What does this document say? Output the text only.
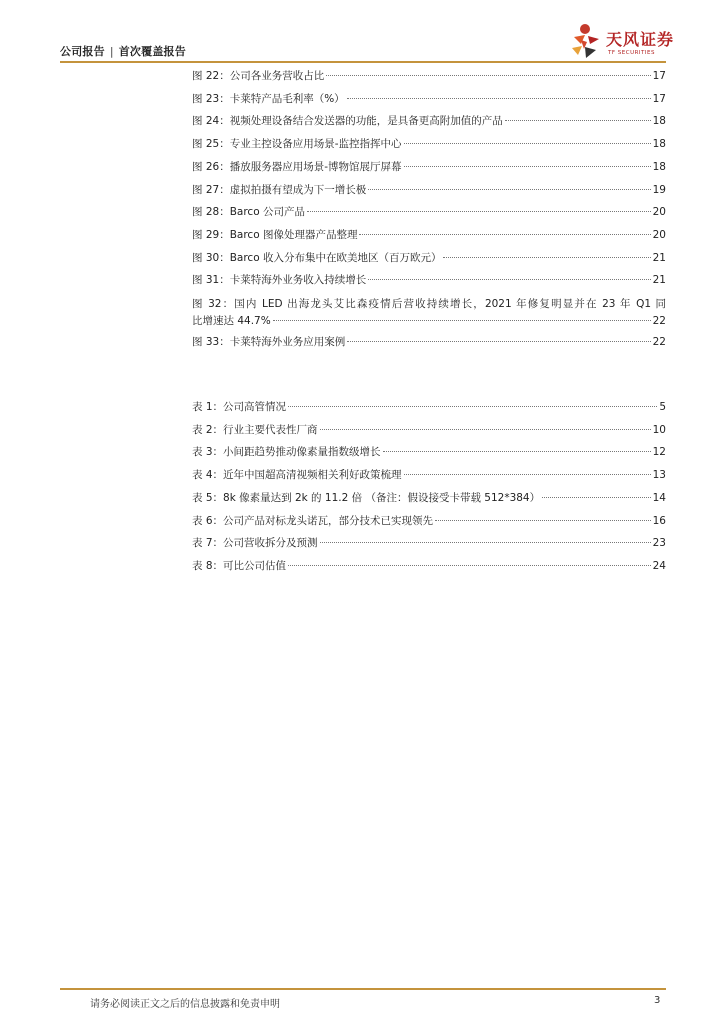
公司报告 | 首次覆盖报告
天风证券
TF SECURITIES
图 22：公司各业务营收占比	17
图 23：卡莱特产品毛利率（%）	17
图 24：视频处理设备结合发送器的功能，是具备更高附加值的产品	18
图 25：专业主控设备应用场景-监控指挥中心	18
图 26：播放服务器应用场景-博物馆展厅屏幕	18
图 27：虚拟拍摄有望成为下一增长极	19
图 28：Barco 公司产品	20
图 29：Barco 图像处理器产品整理	20
图 30：Barco 收入分布集中在欧美地区（百万欧元）	21
图 31：卡莱特海外业务收入持续增长	21
图 32：国内 LED 出海龙头艾比森疫情后营收持续增长，2021 年修复明显并在 23 年 Q1 同
比增速达 44.7%	22
图 33：卡莱特海外业务应用案例	22
表 1：公司高管情况	5
表 2：行业主要代表性厂商	10
表 3：小间距趋势推动像素量指数级增长	12
表 4：近年中国超高清视频相关利好政策梳理	13
表 5：8k 像素量达到 2k 的 11.2 倍 （备注：假设接受卡带载 512*384）	14
表 6：公司产品对标龙头诺瓦，部分技术已实现领先	16
表 7：公司营收拆分及预测	23
表 8：可比公司估值	24
请务必阅读正文之后的信息披露和免责申明	3
